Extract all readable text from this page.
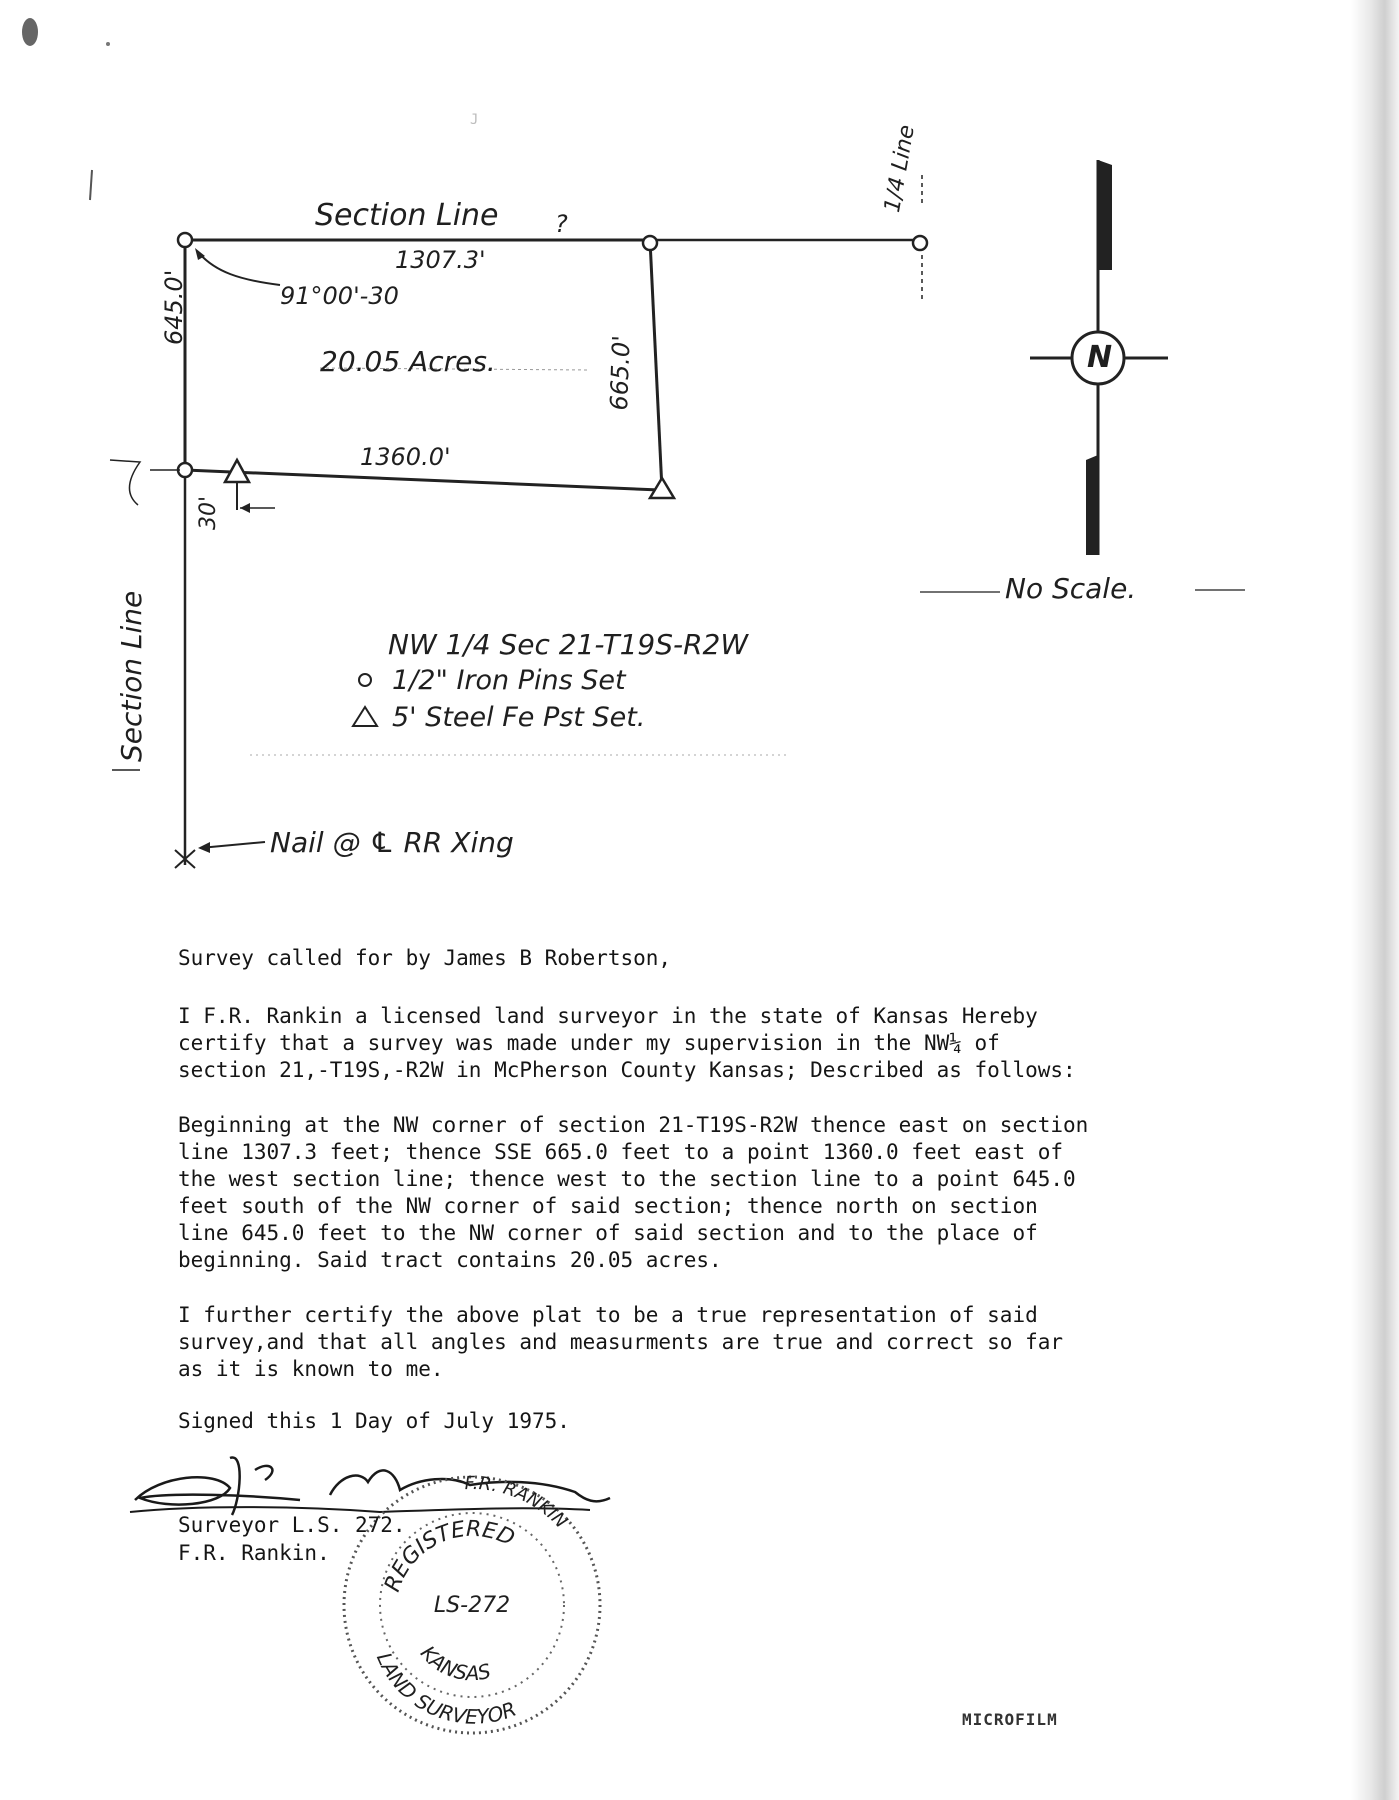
REGISTERED
F.R. RANKIN
LS-272
KANSAS
LAND SURVEYOR
J
Section Line ?
1307.3'
91°00'-30
20.05 Acres.
1360.0'
645.0'
665.0'
30'
Section Line
1/4 Line
N
No Scale.
NW 1/4 Sec 21-T19S-R2W
1/2" Iron Pins Set
5' Steel Fe Pst Set.
Nail @ ℄ RR Xing
Survey called for by James B Robertson,
I F.R. Rankin a licensed land surveyor in the state of Kansas Hereby
certify that a survey was made under my supervision in the NW¼ of
section 21,-T19S,-R2W in McPherson County Kansas; Described as follows:
Beginning at the NW corner of section 21-T19S-R2W thence east on section
line 1307.3 feet; thence SSE 665.0 feet to a point 1360.0 feet east of
the west section line; thence west to the section line to a point 645.0
feet south of the NW corner of said section; thence north on section
line 645.0 feet to the NW corner of said section and to the place of
beginning. Said tract contains 20.05 acres.
I further certify the above plat to be a true representation of said
survey,and that all angles and measurments are true and correct so far
as it is known to me.
Signed this 1 Day of July 1975.
Surveyor L.S. 272.
F.R. Rankin.
MICROFILM
